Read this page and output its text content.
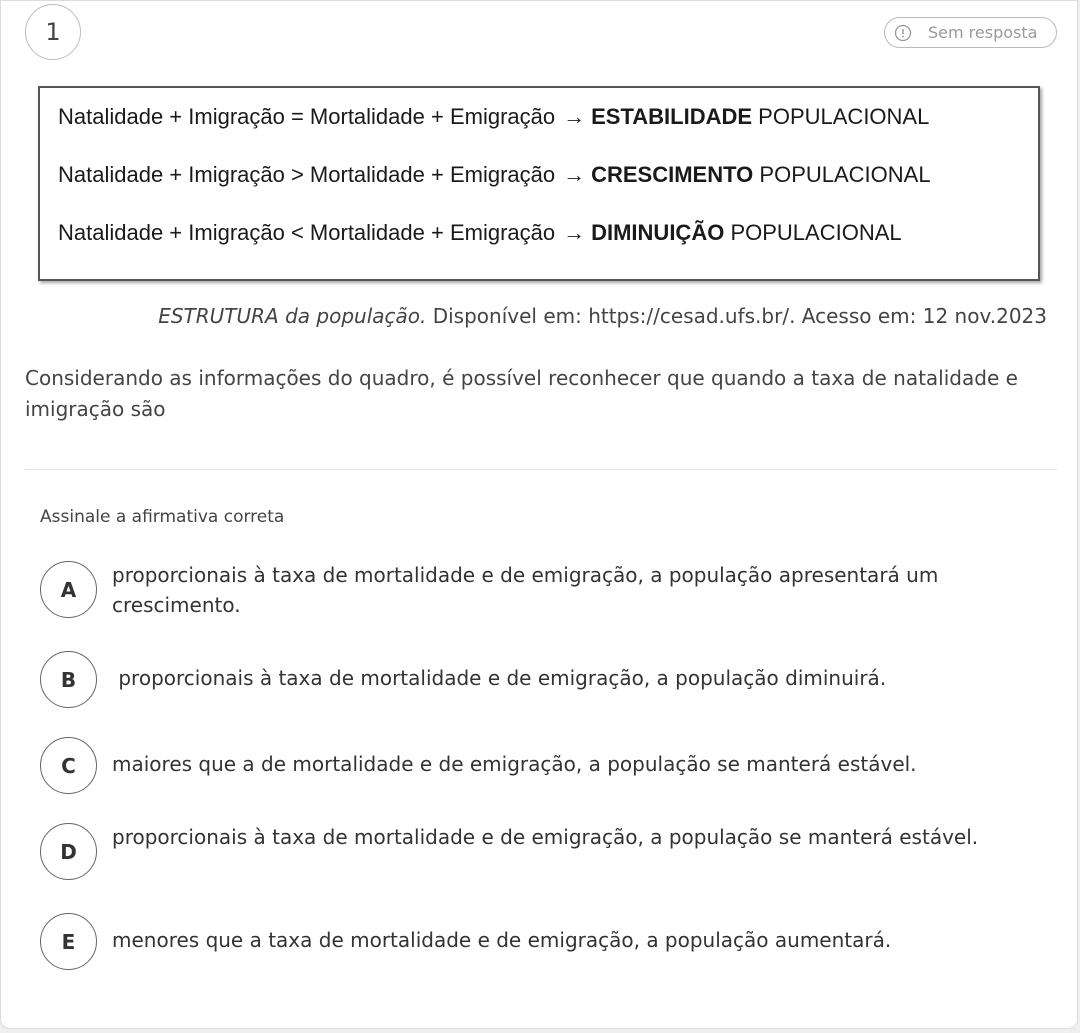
1	Sem resposta
Natalidade + Imigração = Mortalidade + Emigração → ESTABILIDADE POPULACIONAL
Natalidade + Imigração > Mortalidade + Emigração → CRESCIMENTO POPULACIONAL
Natalidade + Imigração < Mortalidade + Emigração → DIMINUIÇÃO POPULACIONAL
ESTRUTURA da população. Disponível em: https://cesad.ufs.br/. Acesso em: 12 nov.2023
Considerando as informações do quadro, é possível reconhecer que quando a taxa de natalidade e imigração são
Assinale a afirmativa correta
A
proporcionais à taxa de mortalidade e de emigração, a população apresentará um crescimento.
B	proporcionais à taxa de mortalidade e de emigração, a população diminuirá.
C	maiores que a de mortalidade e de emigração, a população se manterá estável.
D
proporcionais à taxa de mortalidade e de emigração, a população se manterá estável.
E	menores que a taxa de mortalidade e de emigração, a população aumentará.
